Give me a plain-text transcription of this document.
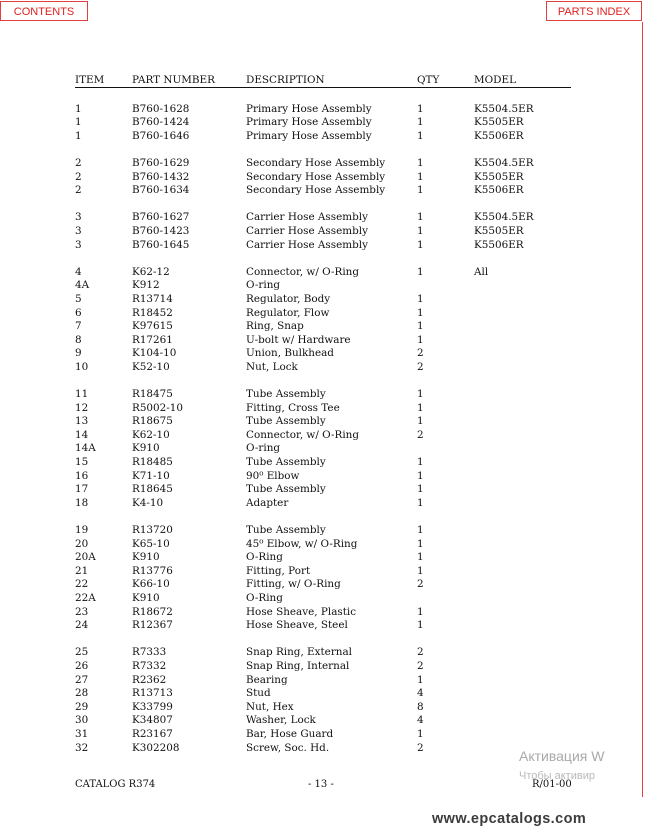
CONTENTS	PARTS INDEX
ITEM	PART NUMBER	DESCRIPTION	QTY	MODEL

1	B760-1628	Primary Hose Assembly	1	K5504.5ER
1	B760-1424	Primary Hose Assembly	1	K5505ER
1	B760-1646	Primary Hose Assembly	1	K5506ER

2	B760-1629	Secondary Hose Assembly	1	K5504.5ER
2	B760-1432	Secondary Hose Assembly	1	K5505ER
2	B760-1634	Secondary Hose Assembly	1	K5506ER

3	B760-1627	Carrier Hose Assembly	1	K5504.5ER
3	B760-1423	Carrier Hose Assembly	1	K5505ER
3	B760-1645	Carrier Hose Assembly	1	K5506ER

4	K62-12	Connector, w/ O-Ring	1	All
4A	K912	O-ring		
5	R13714	Regulator, Body	1	
6	R18452	Regulator, Flow	1	
7	K97615	Ring, Snap	1	
8	R17261	U-bolt w/ Hardware	1	
9	K104-10	Union, Bulkhead	2	
10	K52-10	Nut, Lock	2	

11	R18475	Tube Assembly	1	
12	R5002-10	Fitting, Cross Tee	1	
13	R18675	Tube Assembly	1	
14	K62-10	Connector, w/ O-Ring	2	
14A	K910	O-ring		
15	R18485	Tube Assembly	1	
16	K71-10	90⁰ Elbow	1	
17	R18645	Tube Assembly	1	
18	K4-10	Adapter	1	

19	R13720	Tube Assembly	1	
20	K65-10	45⁰ Elbow, w/ O-Ring	1	
20A	K910	O-Ring	1	
21	R13776	Fitting, Port	1	
22	K66-10	Fitting, w/ O-Ring	2	
22A	K910	O-Ring		
23	R18672	Hose Sheave, Plastic	1	
24	R12367	Hose Sheave, Steel	1	

25	R7333	Snap Ring, External	2	
26	R7332	Snap Ring, Internal	2	
27	R2362	Bearing	1	
28	R13713	Stud	4	
29	K33799	Nut, Hex	8	
30	K34807	Washer, Lock	4	
31	R23167	Bar, Hose Guard	1	
32	K302208	Screw, Soc. Hd.	2	
CATALOG R374	- 13 -	R/01-00
Активация W
Чтобы активир
www.epcatalogs.com
